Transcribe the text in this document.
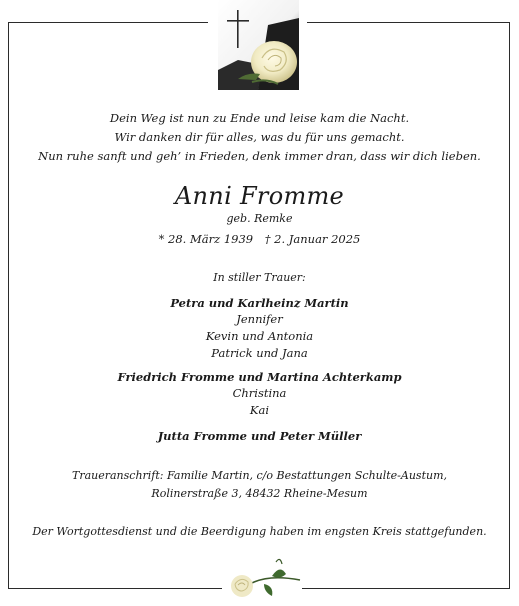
Dein Weg ist nun zu Ende und leise kam die Nacht.
Wir danken dir für alles, was du für uns gemacht.
Nun ruhe sanft und geh’ in Frieden, denk immer dran, dass wir dich lieben.
Anni Fromme
geb. Remke
* 28. März 1939 † 2. Januar 2025
In stiller Trauer:
Petra und Karlheinz Martin
Jennifer
Kevin und Antonia
Patrick und Jana
Friedrich Fromme und Martina Achterkamp
Christina
Kai
Jutta Fromme und Peter Müller
Traueranschrift: Familie Martin, c/o Bestattungen Schulte-Austum,
Rolinerstraße 3, 48432 Rheine-Mesum
Der Wortgottesdienst und die Beerdigung haben im engsten Kreis stattgefunden.
